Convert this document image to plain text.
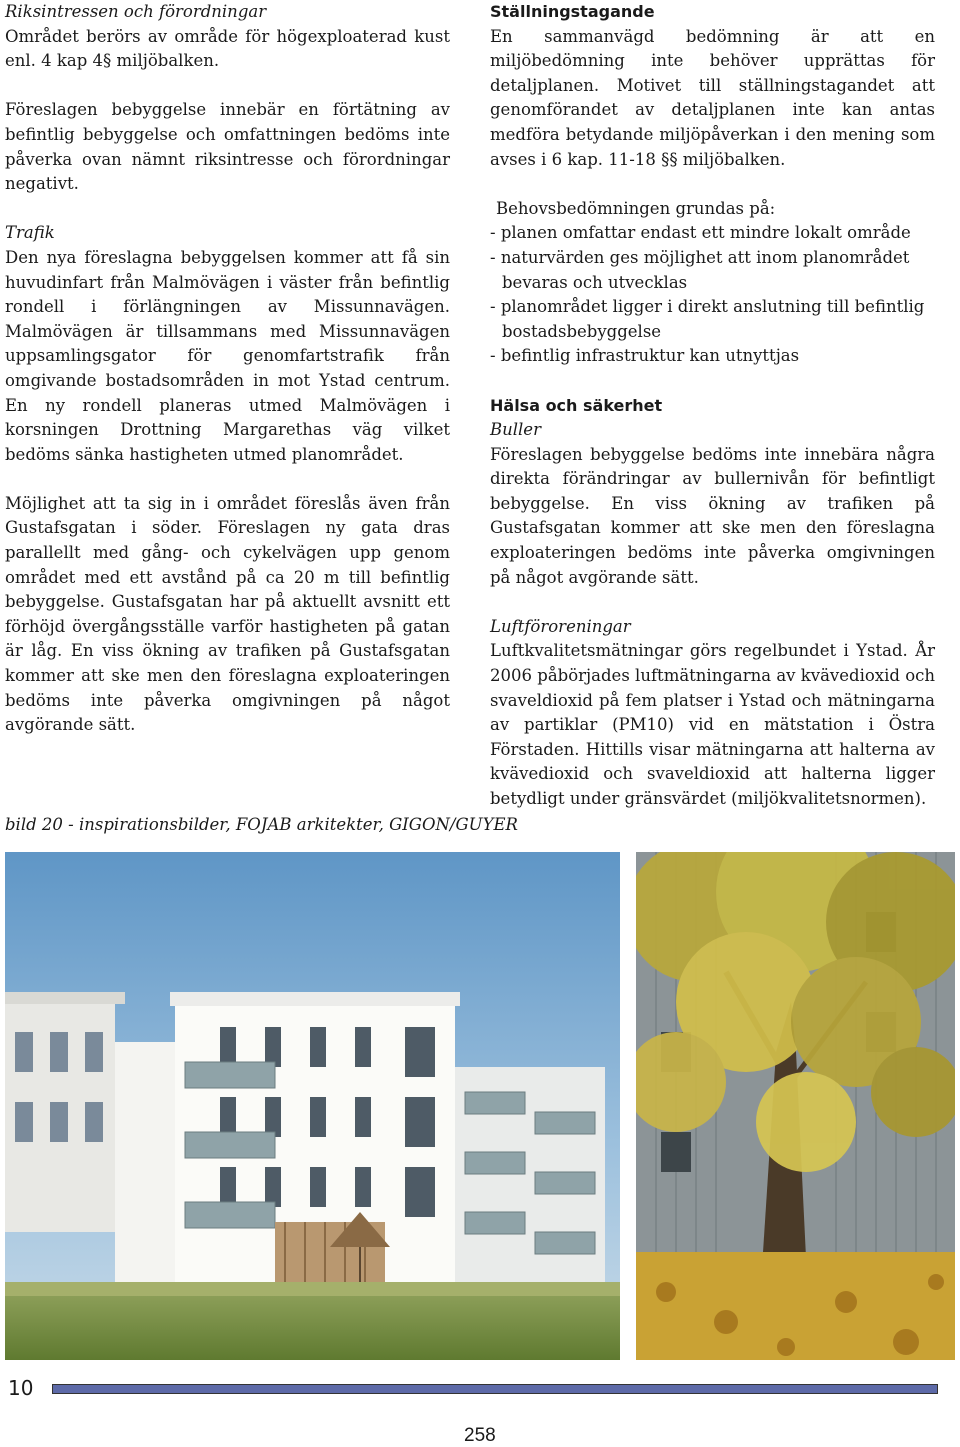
Riksintressen och förordningar

Området berörs av område för högexploaterad kust enl. 4 kap 4§ miljöbalken.

Föreslagen bebyggelse innebär en förtätning av befintlig bebyggelse och omfattningen bedöms inte påverka ovan nämnt riksintresse och förordningar negativt.

Trafik

Den nya föreslagna bebyggelsen kommer att få sin huvudinfart från Malmövägen i väster från befintlig rondell i förlängningen av Missunnavägen. Malmövägen är tillsammans med Missunnavägen uppsamlingsgator för genomfartstrafik från omgivande bostadsområden in mot Ystad centrum. En ny rondell planeras utmed Malmövägen i korsningen Drottning Margarethas väg vilket bedöms sänka hastigheten utmed planområdet.

Möjlighet att ta sig in i området föreslås även från Gustafsgatan i söder. Föreslagen ny gata dras parallellt med gång- och cykelvägen upp genom området med ett avstånd på ca 20 m till befintlig bebyggelse. Gustafsgatan har på aktuellt avsnitt ett förhöjd övergångsställe varför hastigheten på gatan är låg. En viss ökning av trafiken på Gustafsgatan kommer att ske men den föreslagna exploateringen bedöms inte påverka omgivningen på något avgörande sätt.

Ställningstagande

En sammanvägd bedömning är att en miljöbedömning inte behöver upprättas för detaljplanen. Motivet till ställningstagandet att genomförandet av detaljplanen inte kan antas medföra betydande miljöpåverkan i den mening som avses i 6 kap. 11-18 §§ miljöbalken.

Behovsbedömningen grundas på:

- planen omfattar endast ett mindre lokalt område
- naturvärden ges möjlighet att inom planområdet bevaras och utvecklas
- planområdet ligger i direkt anslutning till befintlig bostadsbebyggelse
- befintlig infrastruktur kan utnyttjas

Hälsa och säkerhet

Buller

Föreslagen bebyggelse bedöms inte innebära några direkta förändringar av bullernivån för befintligt bebyggelse. En viss ökning av trafiken på Gustafsgatan kommer att ske men den föreslagna exploateringen bedöms inte påverka omgivningen på något avgörande sätt.

Luftföroreningar

Luftkvalitetsmätningar görs regelbundet i Ystad. År 2006 påbörjades luftmätningarna av kvävedioxid och svaveldioxid på fem platser i Ystad och mätningarna av partiklar (PM10) vid en mätstation i Östra Förstaden. Hittills visar mätningarna att halterna av kvävedioxid och svaveldioxid att halterna ligger betydligt under gränsvärdet (miljökvalitetsnormen).

bild 20 - inspirationsbilder, FOJAB arkitekter, GIGON/GUYER
10
258
